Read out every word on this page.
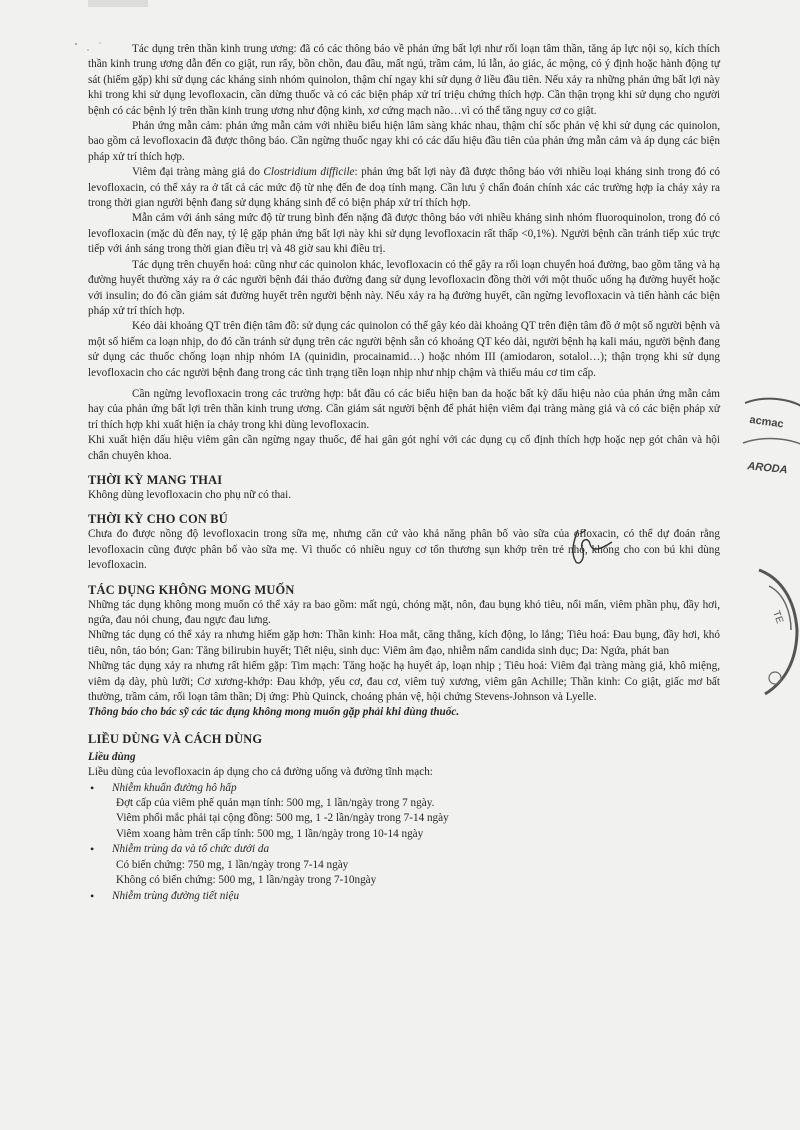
Tác dụng trên thần kinh trung ương: đã có các thông báo về phản ứng bất lợi như rối loạn tâm thần, tăng áp lực nội sọ, kích thích thần kinh trung ương dẫn đến co giật, run rẩy, bồn chồn, đau đầu, mất ngủ, trầm cảm, lú lẫn, ảo giác, ác mộng, có ý định hoặc hành động tự sát (hiếm gặp) khi sử dụng các kháng sinh nhóm quinolon, thậm chí ngay khi sử dụng ở liều đầu tiên. Nếu xảy ra những phản ứng bất lợi này khi trong khi sử dụng levofloxacin, cần dừng thuốc và có các biện pháp xử trí triệu chứng thích hợp. Cần thận trọng khi sử dụng cho người bệnh có các bệnh lý trên thần kinh trung ương như động kinh, xơ cứng mạch não…vì có thể tăng nguy cơ co giật.

Phản ứng mẫn cảm: phản ứng mẫn cảm với nhiều biểu hiện lâm sàng khác nhau, thậm chí sốc phản vệ khi sử dụng các quinolon, bao gồm cả levofloxacin đã được thông báo. Cần ngừng thuốc ngay khi có các dấu hiệu đầu tiên của phản ứng mẫn cảm và áp dụng các biện pháp xử trí thích hợp.

Viêm đại tràng màng giả do Clostridium difficile: phản ứng bất lợi này đã được thông báo với nhiều loại kháng sinh trong đó có levofloxacin, có thể xảy ra ở tất cả các mức độ từ nhẹ đến đe doạ tính mạng. Cần lưu ý chẩn đoán chính xác các trường hợp ỉa chảy xảy ra trong thời gian người bệnh đang sử dụng kháng sinh để có biện pháp xử trí thích hợp.

Mẫn cảm với ánh sáng mức độ từ trung bình đến nặng đã được thông báo với nhiều kháng sinh nhóm fluoroquinolon, trong đó có levofloxacin (mặc dù đến nay, tỷ lệ gặp phản ứng bất lợi này khi sử dụng levofloxacin rất thấp <0,1%). Người bệnh cần tránh tiếp xúc trực tiếp với ánh sáng trong thời gian điều trị và 48 giờ sau khi điều trị.

Tác dụng trên chuyển hoá: cũng như các quinolon khác, levofloxacin có thể gây ra rối loạn chuyển hoá đường, bao gồm tăng và hạ đường huyết thường xảy ra ở các người bệnh đái tháo đường đang sử dụng levofloxacin đồng thời với một thuốc uống hạ đường huyết hoặc với insulin; do đó cần giám sát đường huyết trên người bệnh này. Nếu xảy ra hạ đường huyết, cần ngừng levofloxacin và tiến hành các biện pháp xử trí thích hợp.

Kéo dài khoảng QT trên điện tâm đồ: sử dụng các quinolon có thể gây kéo dài khoảng QT trên điện tâm đồ ở một số người bệnh và một số hiếm ca loạn nhịp, do đó cần tránh sử dụng trên các người bệnh sẵn có khoảng QT kéo dài, người bệnh hạ kali máu, người bệnh đang sử dụng các thuốc chống loạn nhịp nhóm IA (quinidin, procainamid…) hoặc nhóm III (amiodaron, sotalol…); thận trọng khi sử dụng levofloxacin cho các người bệnh đang trong các tình trạng tiền loạn nhịp như nhịp chậm và thiếu máu cơ tim cấp.

Cần ngừng levofloxacin trong các trường hợp: bắt đầu có các biểu hiện ban da hoặc bất kỳ dấu hiệu nào của phản ứng mẫn cảm hay của phản ứng bất lợi trên thần kinh trung ương. Cần giám sát người bệnh để phát hiện viêm đại tràng màng giả và có các biện pháp xử trí thích hợp khi xuất hiện ỉa chảy trong khi dùng levofloxacin.

Khi xuất hiện dấu hiệu viêm gân cần ngừng ngay thuốc, để hai gân gót nghỉ với các dụng cụ cố định thích hợp hoặc nẹp gót chân và hội chẩn chuyên khoa.

THỜI KỲ MANG THAI

Không dùng levofloxacin cho phụ nữ có thai.

THỜI KỲ CHO CON BÚ

Chưa đo được nồng độ levofloxacin trong sữa mẹ, nhưng căn cứ vào khả năng phân bố vào sữa của ofloxacin, có thể dự đoán rằng levofloxacin cũng được phân bố vào sữa mẹ. Vì thuốc có nhiều nguy cơ tổn thương sụn khớp trên trẻ nhỏ, không cho con bú khi dùng levofloxacin.

TÁC DỤNG KHÔNG MONG MUỐN

Những tác dụng không mong muốn có thể xảy ra bao gồm: mất ngủ, chóng mặt, nôn, đau bụng khó tiêu, nổi mẩn, viêm phần phụ, đầy hơi, ngứa, đau nói chung, đau ngực đau lưng.

Những tác dụng có thể xảy ra nhưng hiếm gặp hơn: Thần kinh: Hoa mắt, căng thẳng, kích động, lo lắng; Tiêu hoá: Đau bụng, đầy hơi, khó tiêu, nôn, táo bón; Gan: Tăng bilirubin huyết; Tiết niệu, sinh dục: Viêm âm đạo, nhiễm nấm candida sinh dục; Da: Ngứa, phát ban

Những tác dụng xảy ra nhưng rất hiếm gặp: Tim mạch: Tăng hoặc hạ huyết áp, loạn nhịp ; Tiêu hoá: Viêm đại tràng màng giả, khô miệng, viêm dạ dày, phù lưỡi; Cơ xương-khớp: Đau khớp, yếu cơ, đau cơ, viêm tuỷ xương, viêm gân Achille; Thần kinh: Co giật, giấc mơ bất thường, trầm cảm, rối loạn tâm thần; Dị ứng: Phù Quinck, choáng phản vệ, hội chứng Stevens-Johnson và Lyelle.

Thông báo cho bác sỹ các tác dụng không mong muốn gặp phải khi dùng thuốc.

LIỀU DÙNG VÀ CÁCH DÙNG
Liều dùng

Liều dùng của levofloxacin áp dụng cho cả đường uống và đường tĩnh mạch:

• Nhiễm khuẩn đường hô hấp
Đợt cấp của viêm phế quản mạn tính: 500 mg, 1 lần/ngày trong 7 ngày.
Viêm phổi mắc phải tại cộng đồng: 500 mg, 1 -2 lần/ngày trong 7-14 ngày
Viêm xoang hàm trên cấp tính: 500 mg, 1 lần/ngày trong 10-14 ngày
• Nhiễm trùng da và tổ chức dưới da
Có biến chứng: 750 mg, 1 lần/ngày trong 7-14 ngày
Không có biến chứng: 500 mg, 1 lần/ngày trong 7-10ngày
• Nhiễm trùng đường tiết niệu
acmac
ARODA
TE
